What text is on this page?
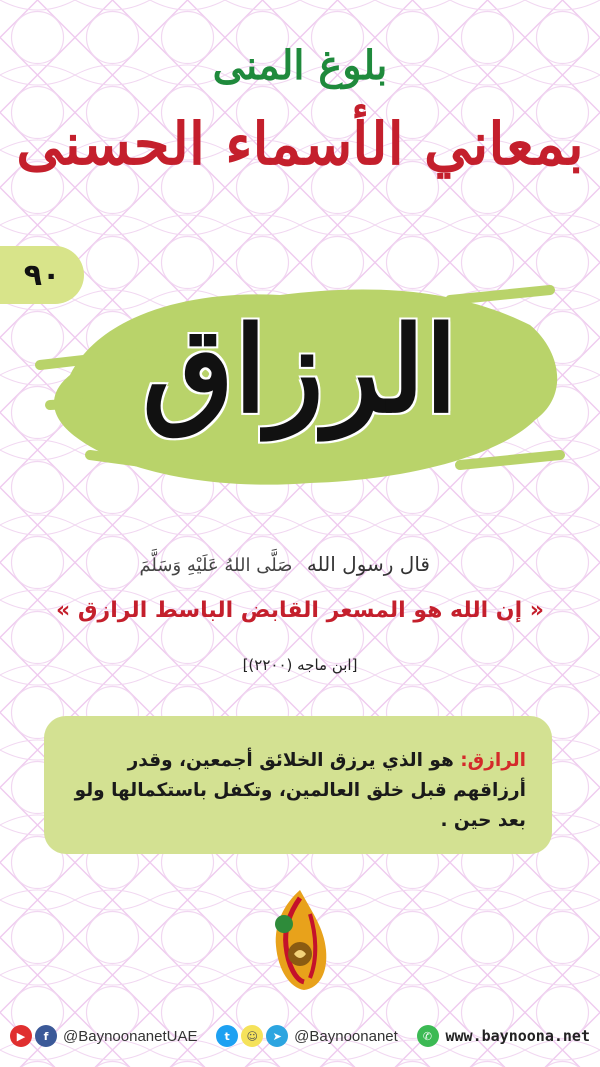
بلوغ المنى
بمعاني الأسماء الحسنى
٩٠
الرزاق
قال رسول الله صَلَّى اللهُ عَلَيْهِ وَسَلَّمَ
« إن الله هو المسعر القابض الباسط الرازق »
[ابن ماجه (٢٢٠٠)]

الرازق: هو الذي يرزق الخلائق أجمعين، وقدر أرزاقهم قبل خلق العالمين، وتكفل باستكمالها ولو بعد حين .

▶	f @BaynoonanetUAE	t	☺	➤ @Baynoonanet	✆ www.baynoona.net
